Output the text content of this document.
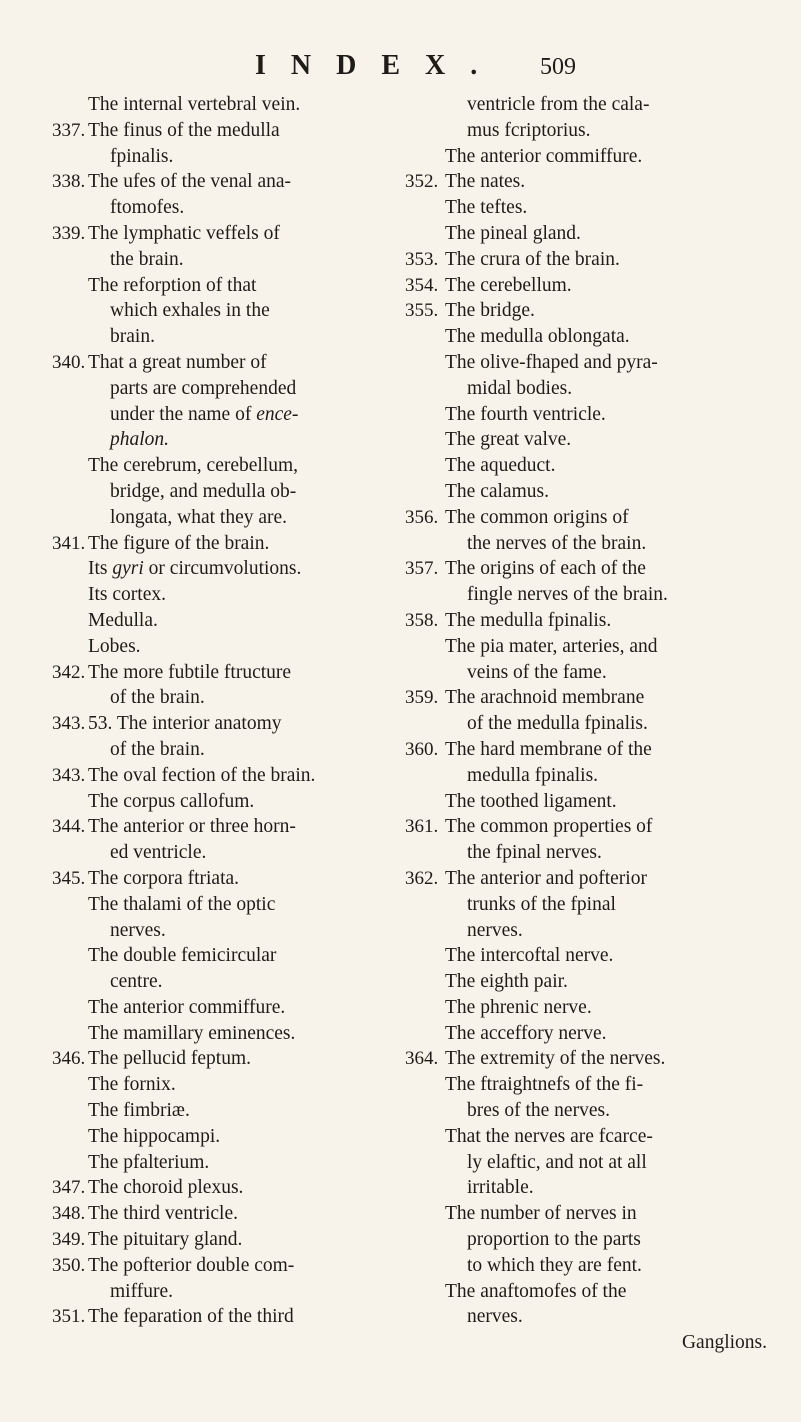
INDEX. 509
The internal vertebral vein.
337. The finus of the medulla
fpinalis.
338. The ufes of the venal ana-
ftomofes.
339. The lymphatic veffels of
the brain.
The reforption of that
which exhales in the
brain.
340. That a great number of
parts are comprehended
under the name of ence-
phalon.
The cerebrum, cerebellum,
bridge, and medulla ob-
longata, what they are.
341. The figure of the brain.
Its gyri or circumvolutions.
Its cortex.
Medulla.
Lobes.
342. The more fubtile ftructure
of the brain.
343. 53. The interior anatomy
of the brain.
343. The oval fection of the brain.
The corpus callofum.
344. The anterior or three horn-
ed ventricle.
345. The corpora ftriata.
The thalami of the optic
nerves.
The double femicircular
centre.
The anterior commiffure.
The mamillary eminences.
346. The pellucid feptum.
The fornix.
The fimbriæ.
The hippocampi.
The pfalterium.
347. The choroid plexus.
348. The third ventricle.
349. The pituitary gland.
350. The pofterior double com-
miffure.
351. The feparation of the third
ventricle from the cala-
mus fcriptorius.
The anterior commiffure.
352. The nates.
The teftes.
The pineal gland.
353. The crura of the brain.
354. The cerebellum.
355. The bridge.
The medulla oblongata.
The olive-fhaped and pyra-
midal bodies.
The fourth ventricle.
The great valve.
The aqueduct.
The calamus.
356. The common origins of
the nerves of the brain.
357. The origins of each of the
fingle nerves of the brain.
358. The medulla fpinalis.
The pia mater, arteries, and
veins of the fame.
359. The arachnoid membrane
of the medulla fpinalis.
360. The hard membrane of the
medulla fpinalis.
The toothed ligament.
361. The common properties of
the fpinal nerves.
362. The anterior and pofterior
trunks of the fpinal
nerves.
The intercoftal nerve.
The eighth pair.
The phrenic nerve.
The acceffory nerve.
364. The extremity of the nerves.
The ftraightnefs of the fi-
bres of the nerves.
That the nerves are fcarce-
ly elaftic, and not at all
irritable.
The number of nerves in
proportion to the parts
to which they are fent.
The anaftomofes of the
nerves.
Ganglions.
